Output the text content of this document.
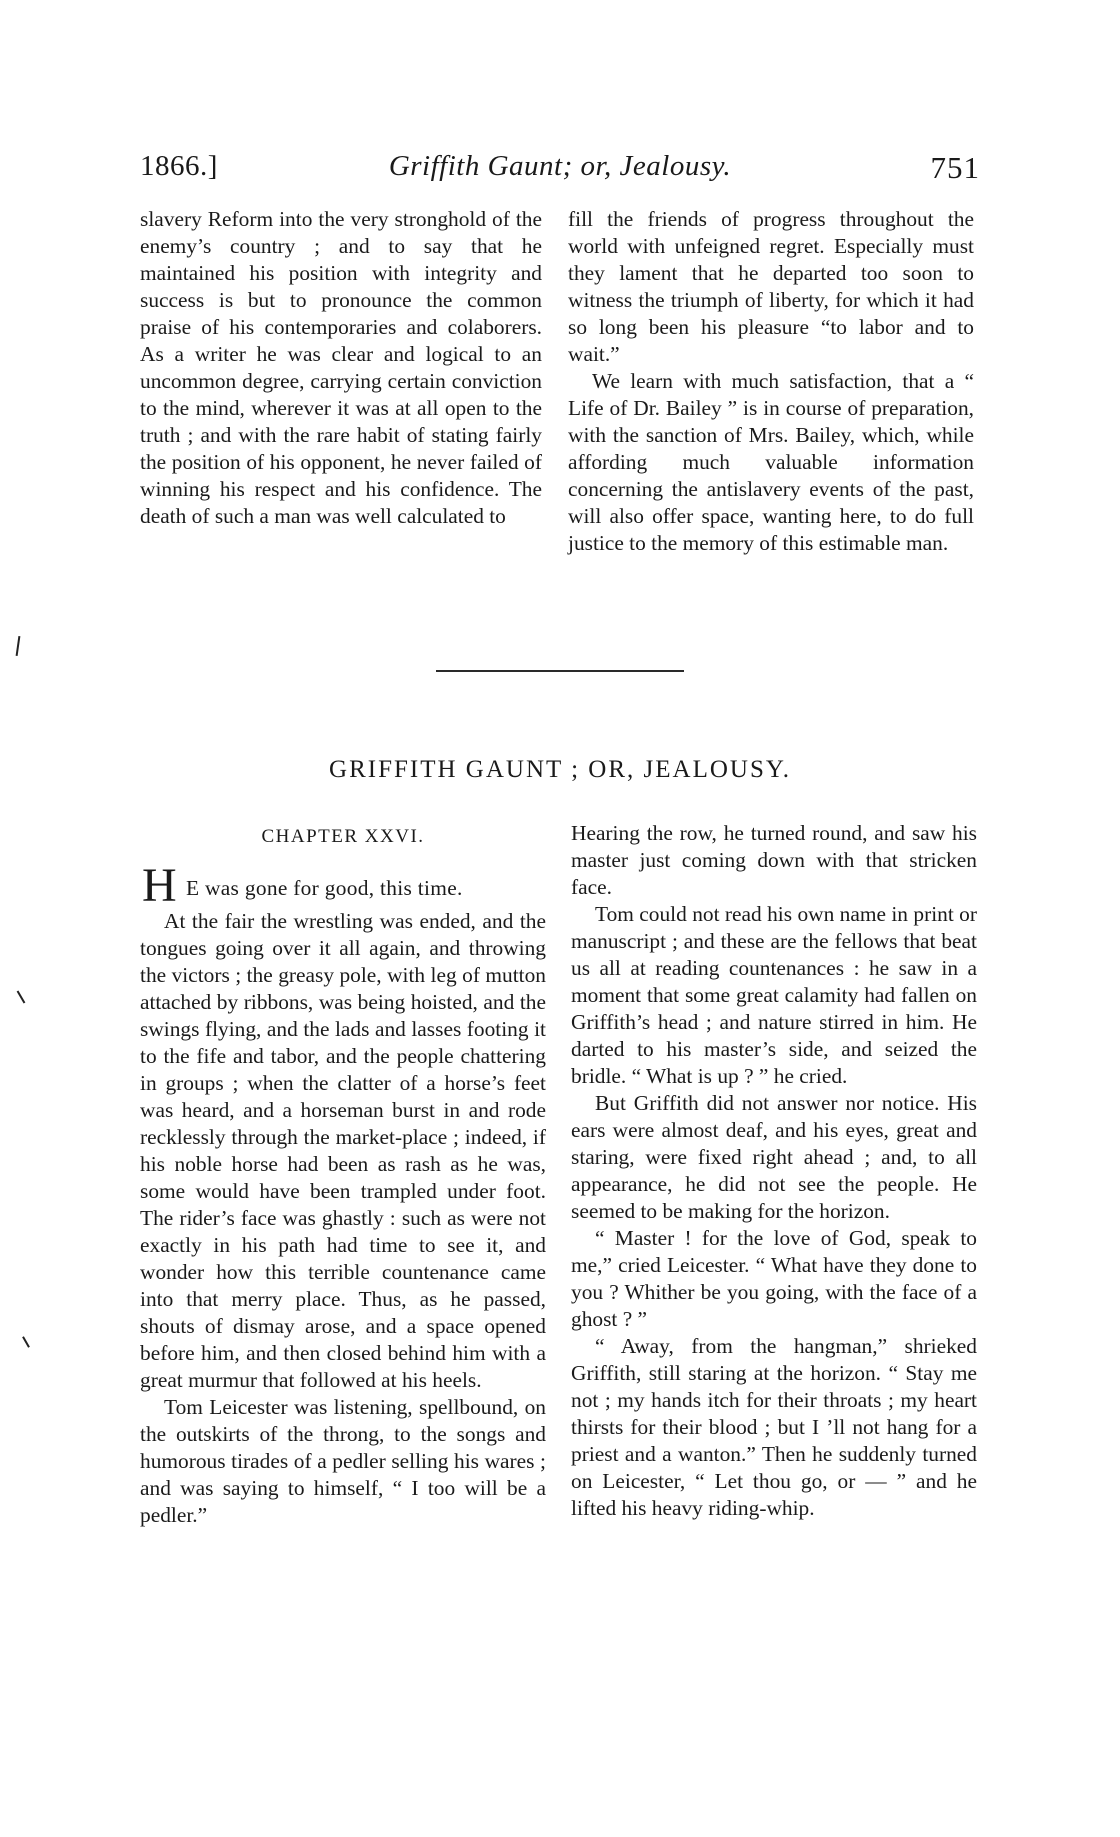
1866.]	Griffith Gaunt; or, Jealousy.	751

slavery Reform into the very stronghold of the enemy’s country ; and to say that he maintained his position with integrity and success is but to pronounce the common praise of his contemporaries and colaborers. As a writer he was clear and logical to an uncommon degree, carrying certain conviction to the mind, wherever it was at all open to the truth ; and with the rare habit of stating fairly the position of his opponent, he never failed of winning his respect and his confidence. The death of such a man was well calculated to

fill the friends of progress throughout the world with unfeigned regret. Especially must they lament that he departed too soon to witness the triumph of liberty, for which it had so long been his pleasure “to labor and to wait.”

We learn with much satisfaction, that a “ Life of Dr. Bailey ” is in course of preparation, with the sanction of Mrs. Bailey, which, while affording much valuable information concerning the antislavery events of the past, will also offer space, wanting here, to do full justice to the memory of this estimable man.

GRIFFITH GAUNT ; OR, JEALOUSY.
CHAPTER XXVI.
H E was gone for good, this time.

At the fair the wrestling was ended, and the tongues going over it all again, and throwing the victors ; the greasy pole, with leg of mutton attached by ribbons, was being hoisted, and the swings flying, and the lads and lasses footing it to the fife and tabor, and the people chattering in groups ; when the clatter of a horse’s feet was heard, and a horseman burst in and rode recklessly through the market-place ; indeed, if his noble horse had been as rash as he was, some would have been trampled under foot. The rider’s face was ghastly : such as were not exactly in his path had time to see it, and wonder how this terrible countenance came into that merry place. Thus, as he passed, shouts of dismay arose, and a space opened before him, and then closed behind him with a great murmur that followed at his heels.

Tom Leicester was listening, spellbound, on the outskirts of the throng, to the songs and humorous tirades of a pedler selling his wares ; and was saying to himself, “ I too will be a pedler.”

Hearing the row, he turned round, and saw his master just coming down with that stricken face.

Tom could not read his own name in print or manuscript ; and these are the fellows that beat us all at reading countenances : he saw in a moment that some great calamity had fallen on Griffith’s head ; and nature stirred in him. He darted to his master’s side, and seized the bridle. “ What is up ? ” he cried.

But Griffith did not answer nor notice. His ears were almost deaf, and his eyes, great and staring, were fixed right ahead ; and, to all appearance, he did not see the people. He seemed to be making for the horizon.

“ Master ! for the love of God, speak to me,” cried Leicester. “ What have they done to you ? Whither be you going, with the face of a ghost ? ”

“ Away, from the hangman,” shrieked Griffith, still staring at the horizon. “ Stay me not ; my hands itch for their throats ; my heart thirsts for their blood ; but I ’ll not hang for a priest and a wanton.” Then he suddenly turned on Leicester, “ Let thou go, or — ” and he lifted his heavy riding-whip.
